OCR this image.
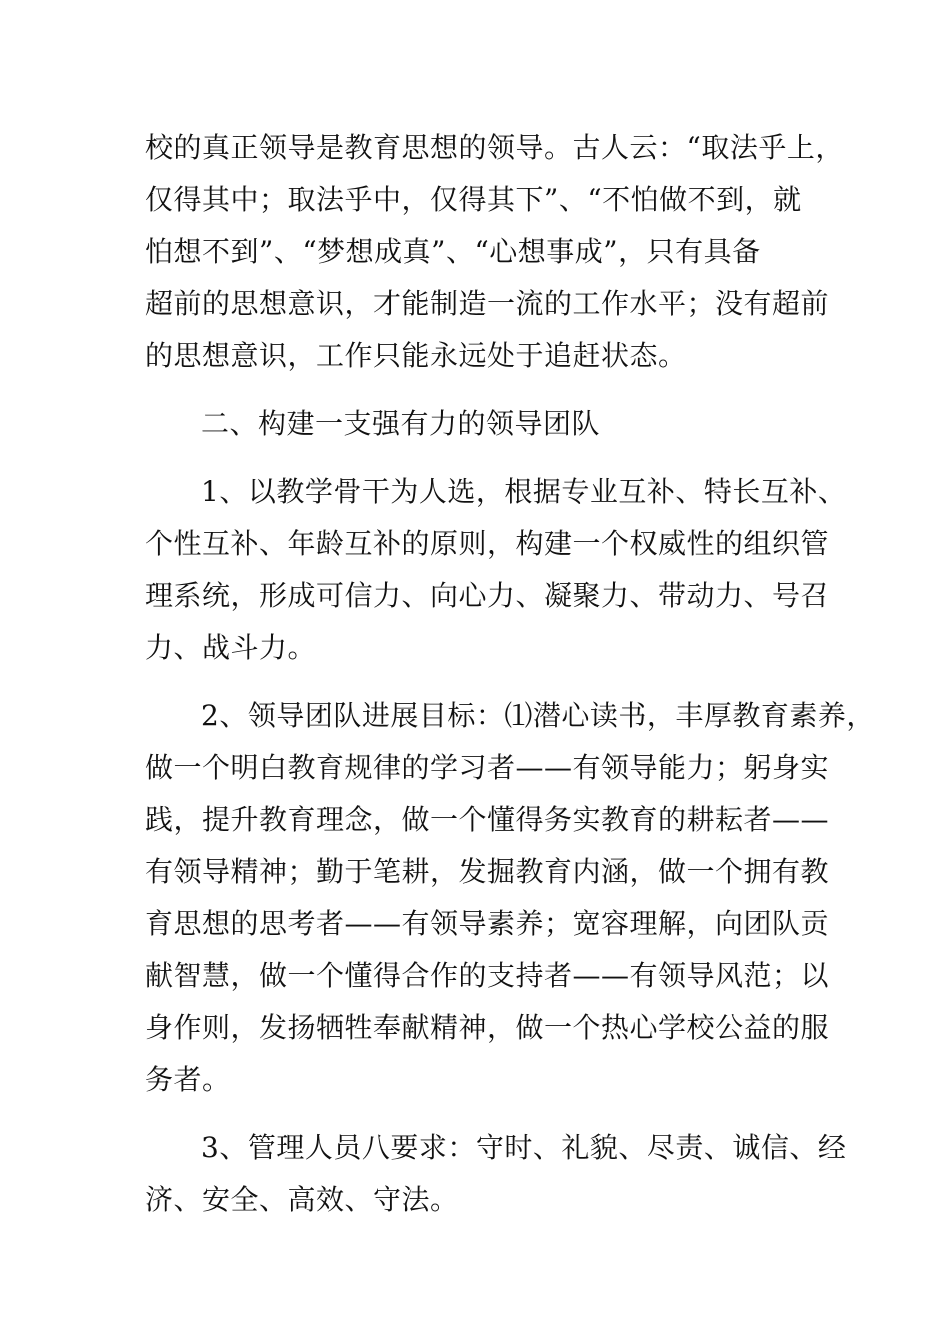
校的真正领导是教育思想的领导。古人云：“取法乎上，
仅得其中；取法乎中，仅得其下”、“不怕做不到，就
怕想不到”、“梦想成真”、“心想事成”，只有具备
超前的思想意识，才能制造一流的工作水平；没有超前
的思想意识，工作只能永远处于追赶状态。
二、构建一支强有力的领导团队
1、以教学骨干为人选，根据专业互补、特长互补、
个性互补、年龄互补的原则，构建一个权威性的组织管
理系统，形成可信力、向心力、凝聚力、带动力、号召
力、战斗力。
2、领导团队进展目标：⑴潜心读书，丰厚教育素养，
做一个明白教育规律的学习者——有领导能力；躬身实
践，提升教育理念，做一个懂得务实教育的耕耘者——
有领导精神；勤于笔耕，发掘教育内涵，做一个拥有教
育思想的思考者——有领导素养；宽容理解，向团队贡
献智慧，做一个懂得合作的支持者——有领导风范；以
身作则，发扬牺牲奉献精神，做一个热心学校公益的服
务者。
3、管理人员八要求：守时、礼貌、尽责、诚信、经
济、安全、高效、守法。
